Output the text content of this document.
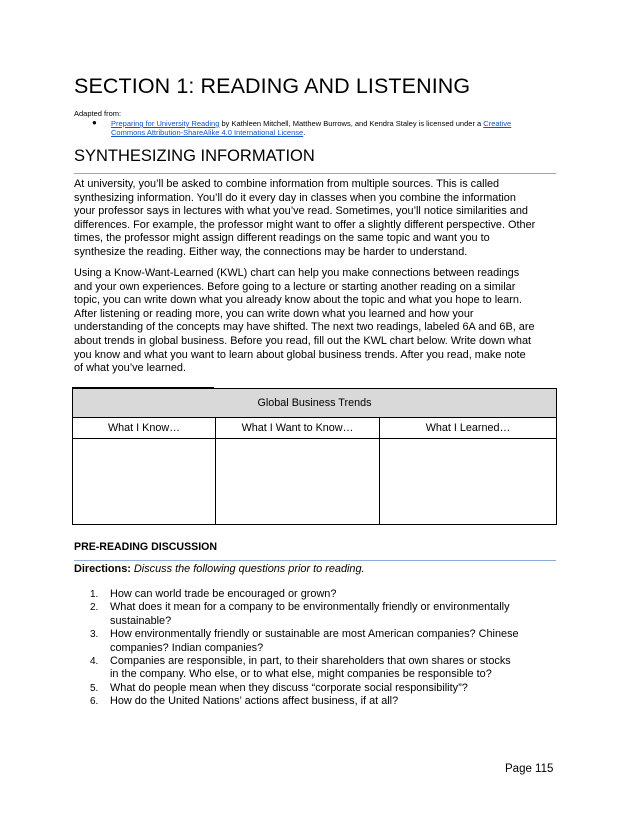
SECTION 1: READING AND LISTENING
Adapted from:
● Preparing for University Reading by Kathleen Mitchell, Matthew Burrows, and Kendra Staley is licensed under a Creative
Commons Attribution-ShareAlike 4.0 International License.
SYNTHESIZING INFORMATION
At university, you’ll be asked to combine information from multiple sources. This is called
synthesizing information. You’ll do it every day in classes when you combine the information
your professor says in lectures with what you’ve read. Sometimes, you’ll notice similarities and
differences. For example, the professor might want to offer a slightly different perspective. Other
times, the professor might assign different readings on the same topic and want you to
synthesize the reading. Either way, the connections may be harder to understand.
Using a Know-Want-Learned (KWL) chart can help you make connections between readings
and your own experiences. Before going to a lecture or starting another reading on a similar
topic, you can write down what you already know about the topic and what you hope to learn.
After listening or reading more, you can write down what you learned and how your
understanding of the concepts may have shifted. The next two readings, labeled 6A and 6B, are
about trends in global business. Before you read, fill out the KWL chart below. Write down what
you know and what you want to learn about global business trends. After you read, make note
of what you’ve learned.
Global Business Trends		
What I Know…	What I Want to Know…	What I Learned…

PRE-READING DISCUSSION
Directions: Discuss the following questions prior to reading.
1. How can world trade be encouraged or grown?
2. What does it mean for a company to be environmentally friendly or environmentally
sustainable?
3. How environmentally friendly or sustainable are most American companies? Chinese
companies? Indian companies?
4. Companies are responsible, in part, to their shareholders that own shares or stocks
in the company. Who else, or to what else, might companies be responsible to?
5. What do people mean when they discuss “corporate social responsibility”?
6. How do the United Nations’ actions affect business, if at all?
Page 115
